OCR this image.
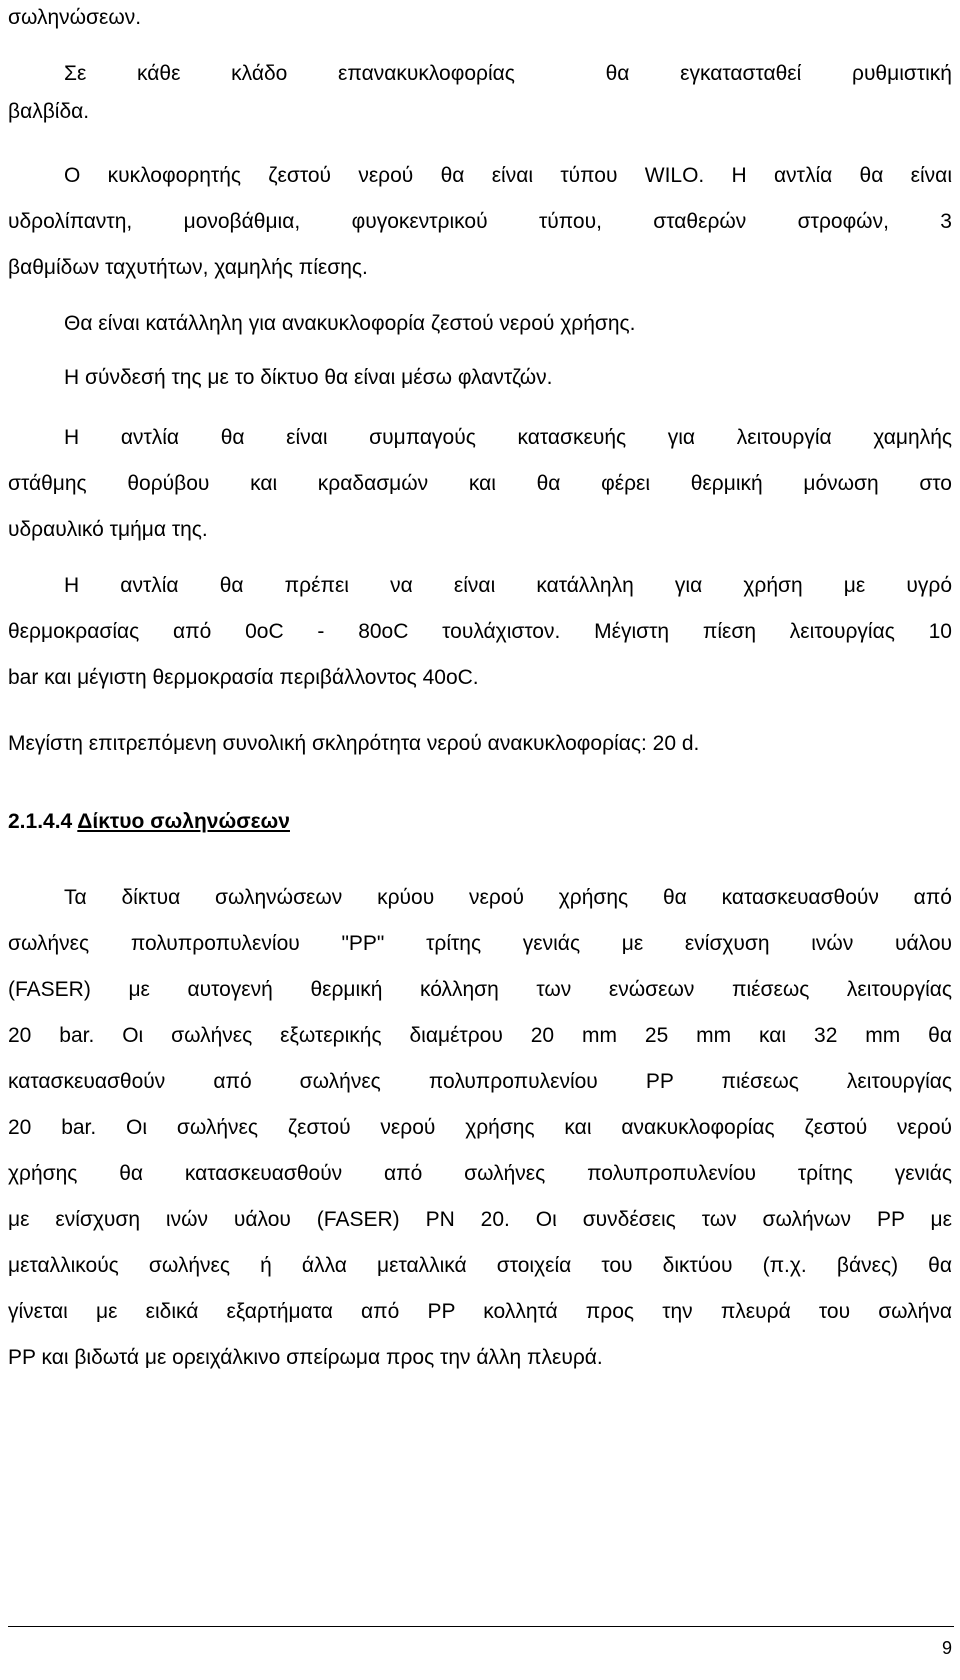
σωληνώσεων.
Σε κάθε κλάδο επανακυκλοφορίας	θα εγκατασταθεί ρυθμιστική
βαλβίδα.
Ο κυκλοφορητής ζεστού νερού θα είναι τύπου WILO. Η αντλία θα είναι
υδρολίπαντη, μονοβάθμια, φυγοκεντρικού τύπου, σταθερών στροφών, 3
βαθμίδων ταχυτήτων, χαμηλής πίεσης.
Θα είναι κατάλληλη για ανακυκλοφορία ζεστού νερού χρήσης.
Η σύνδεσή της με το δίκτυο θα είναι μέσω φλαντζών.
Η αντλία θα είναι συμπαγούς κατασκευής για λειτουργία χαμηλής
στάθμης θορύβου και κραδασμών και θα φέρει θερμική μόνωση στο
υδραυλικό τμήμα της.
Η αντλία θα πρέπει να είναι κατάλληλη για χρήση με υγρό
θερμοκρασίας από 0oC - 80oC τουλάχιστον. Μέγιστη πίεση λειτουργίας 10
bar και μέγιστη θερμοκρασία περιβάλλοντος 40oC.
Μεγίστη επιτρεπόμενη συνολική σκληρότητα νερού ανακυκλοφορίας: 20 d.
2.1.4.4 Δίκτυο σωληνώσεων
Τα δίκτυα σωληνώσεων κρύου νερού χρήσης θα κατασκευασθούν από
σωλήνες πολυπροπυλενίου "PP" τρίτης γενιάς με ενίσχυση ινών υάλου
(FASER) με αυτογενή θερμική κόλληση των ενώσεων πιέσεως λειτουργίας
20 bar. Οι σωλήνες εξωτερικής διαμέτρου 20 mm 25 mm και 32 mm θα
κατασκευασθούν από σωλήνες πολυπροπυλενίου PP πιέσεως λειτουργίας
20 bar. Οι σωλήνες ζεστού νερού χρήσης και ανακυκλοφορίας ζεστού νερού
χρήσης θα κατασκευασθούν από σωλήνες πολυπροπυλενίου τρίτης γενιάς
με ενίσχυση ινών υάλου (FASER) PN 20. Οι συνδέσεις των σωλήνων PP με
μεταλλικούς σωλήνες ή άλλα μεταλλικά στοιχεία του δικτύου (π.χ. βάνες) θα
γίνεται με ειδικά εξαρτήματα από PP κολλητά προς την πλευρά του σωλήνα
PP και βιδωτά με ορειχάλκινο σπείρωμα προς την άλλη πλευρά.
9
